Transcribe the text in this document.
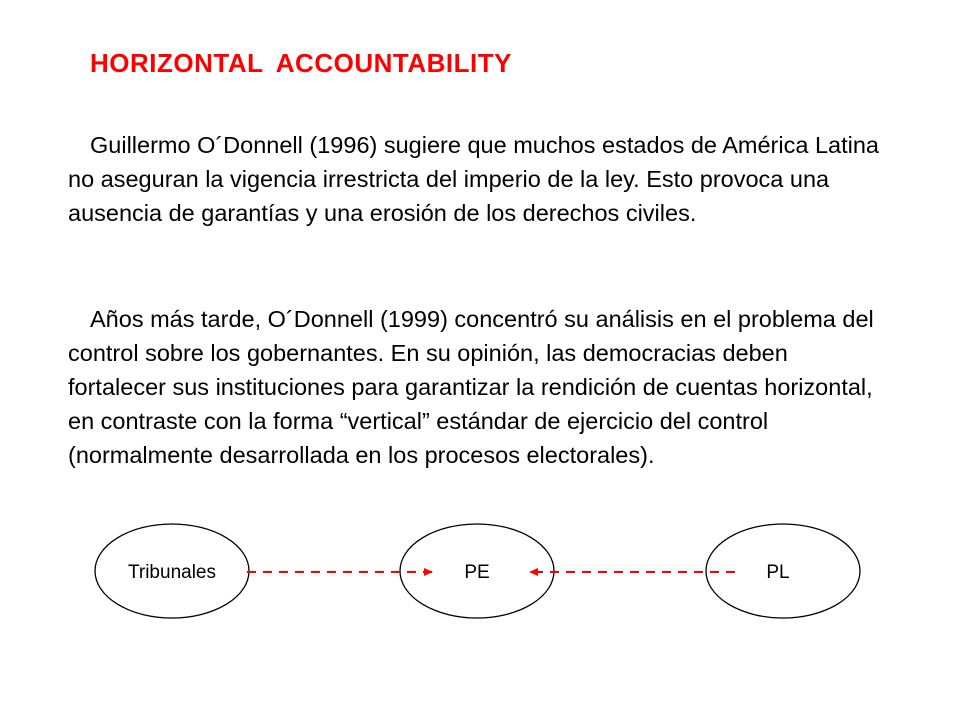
HORIZONTAL ACCOUNTABILITY

Guillermo O´Donnell (1996) sugiere que muchos estados de América Latina no aseguran la vigencia irrestricta del imperio de la ley. Esto provoca una ausencia de garantías y una erosión de los derechos civiles.

Años más tarde, O´Donnell (1999) concentró su análisis en el problema del control sobre los gobernantes. En su opinión, las democracias deben fortalecer sus instituciones para garantizar la rendición de cuentas horizontal, en contraste con la forma “vertical” estándar de ejercicio del control (normalmente desarrollada en los procesos electorales).

Tribunales	PE	PL
